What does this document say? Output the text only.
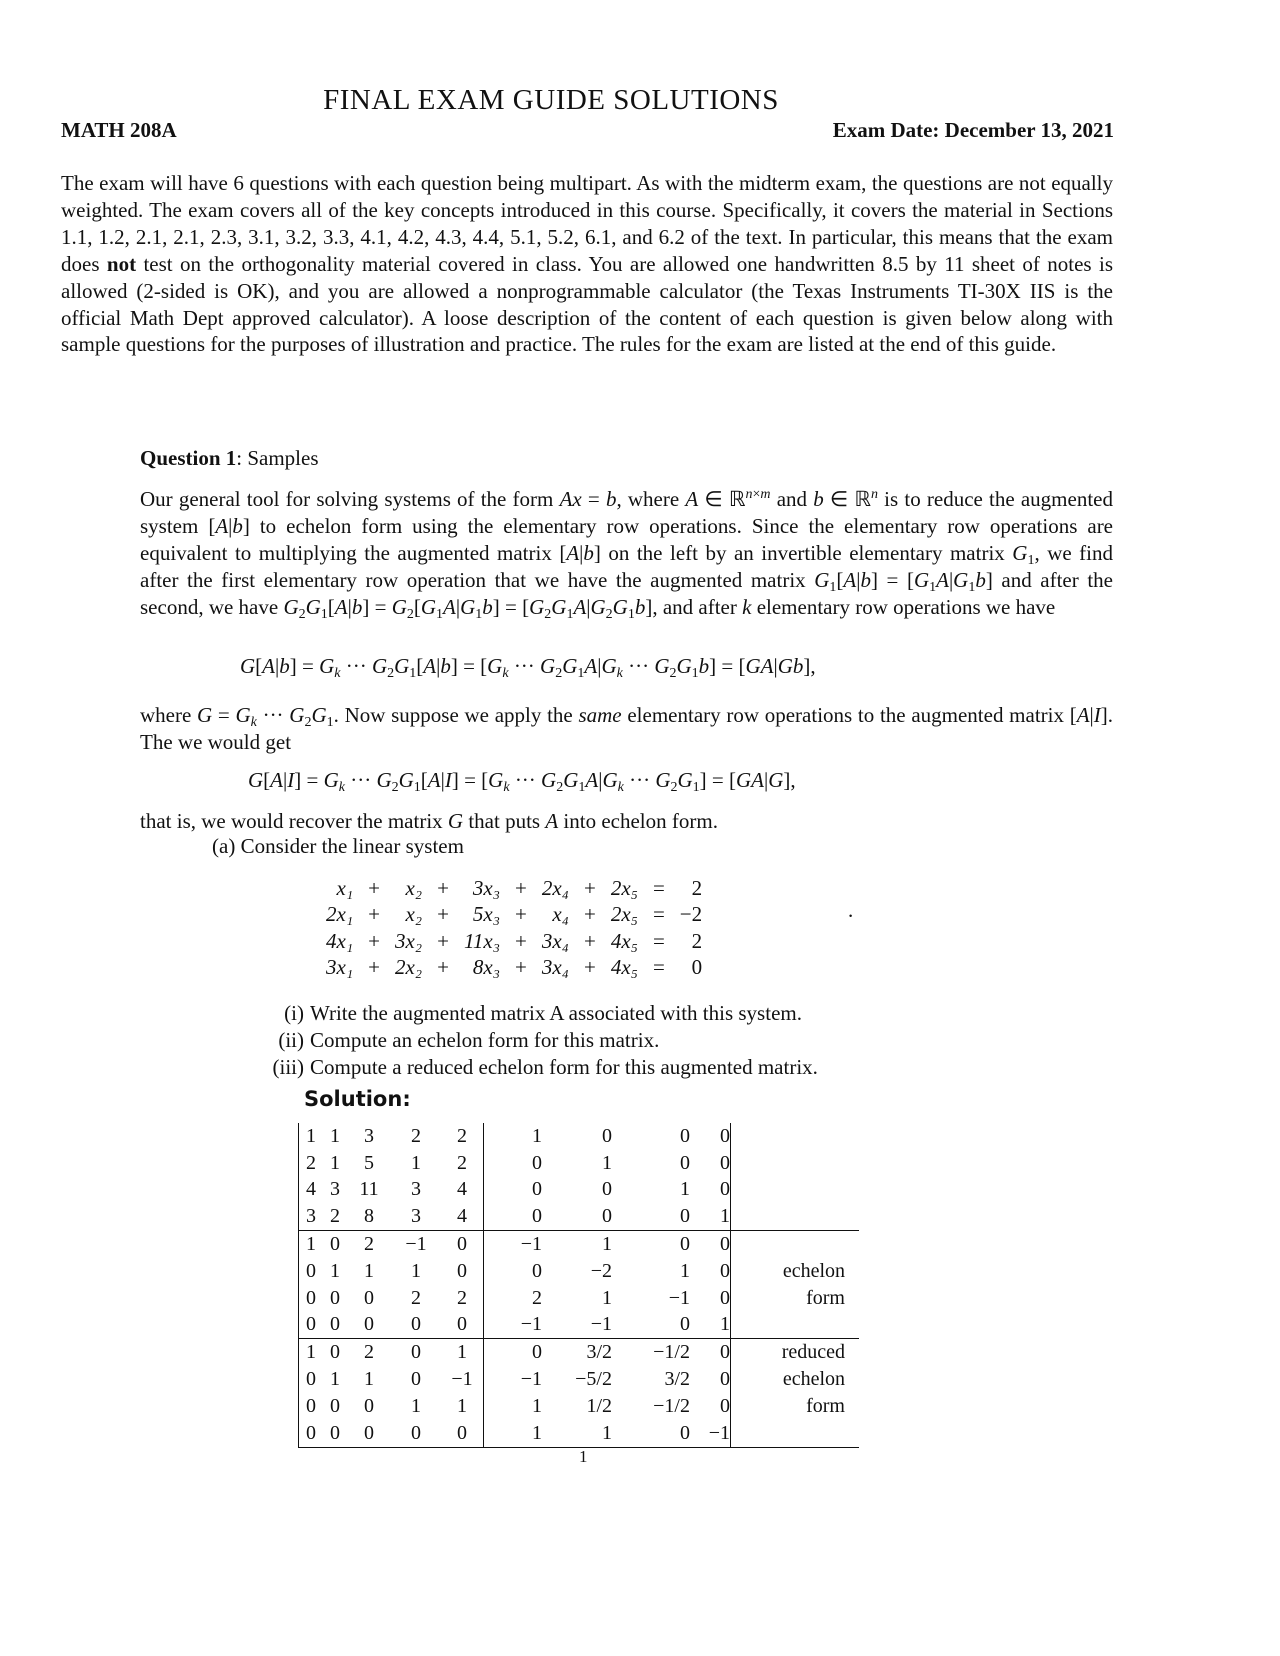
FINAL EXAM GUIDE SOLUTIONS
MATH 208A	Exam Date: December 13, 2021
The exam will have 6 questions with each question being multipart. As with the midterm exam, the questions are not equally weighted. The exam covers all of the key concepts introduced in this course. Specifically, it covers the material in Sections 1.1, 1.2, 2.1, 2.1, 2.3, 3.1, 3.2, 3.3, 4.1, 4.2, 4.3, 4.4, 5.1, 5.2, 6.1, and 6.2 of the text. In particular, this means that the exam does not test on the orthogonality material covered in class. You are allowed one handwritten 8.5 by 11 sheet of notes is allowed (2-sided is OK), and you are allowed a nonprogrammable calculator (the Texas Instruments TI-30X IIS is the official Math Dept approved calculator). A loose description of the content of each question is given below along with sample questions for the purposes of illustration and practice. The rules for the exam are listed at the end of this guide.
Question 1: Samples
Our general tool for solving systems of the form Ax = b, where A ∈ ℝ$^{n\times m}$ and b ∈ ℝ$^n$ is to reduce the augmented system [A|b] to echelon form using the elementary row operations. Since the elementary row operations are equivalent to multiplying the augmented matrix [A|b] on the left by an invertible elementary matrix $G_1$, we find after the first elementary row operation that we have the augmented matrix $G_1[A|b] = [G_1A|G_1b]$ and after the second, we have $G_2G_1[A|b] = G_2[G_1A|G_1b] = [G_2G_1A|G_2G_1b]$, and after k elementary row operations we have
$G[A|b] = G_k$ ··· $G_2G_1[A|b] = [G_k$ ··· $G_2G_1A|G_k$ ··· $G_2G_1b] = [GA|Gb]$,
where $G = G_k$ ··· $G_2G_1$. Now suppose we apply the same elementary row operations to the augmented matrix [A|I]. The we would get
$G[A|I] = G_k$ ··· $G_2G_1[A|I] = [G_k$ ··· $G_2G_1A|G_k$ ··· $G_2G_1] = [GA|G]$,
that is, we would recover the matrix G that puts A into echelon form.
(a) Consider the linear system
x₁	+	x₂	+	3x₃	+	2x₄	+	2x₅	=	2
2x₁	+	x₂	+	5x₃	+	x₄	+	2x₅	=	−2
4x₁	+	3x₂	+	11x₃	+	3x₄	+	4x₅	=	2
3x₁	+	2x₂	+	8x₃	+	3x₄	+	4x₅	=	0
.
(i) Write the augmented matrix A associated with this system.
(ii) Compute an echelon form for this matrix.
(iii) Compute a reduced echelon form for this augmented matrix.
Solution:
1	1	3	2	2	1	0	0	0	
2	1	5	1	2	0	1	0	0	
4	3	11	3	4	0	0	1	0	
3	2	8	3	4	0	0	0	1	
1	0	2	−1	0	−1	1	0	0	
0	1	1	1	0	0	−2	1	0	echelon
0	0	0	2	2	2	1	−1	0	form
0	0	0	0	0	−1	−1	0	1	
1	0	2	0	1	0	3/2	−1/2	0	reduced
0	1	1	0	−1	−1	−5/2	3/2	0	echelon
0	0	0	1	1	1	1/2	−1/2	0	form
0	0	0	0	0	1	1	0	−1	
1
